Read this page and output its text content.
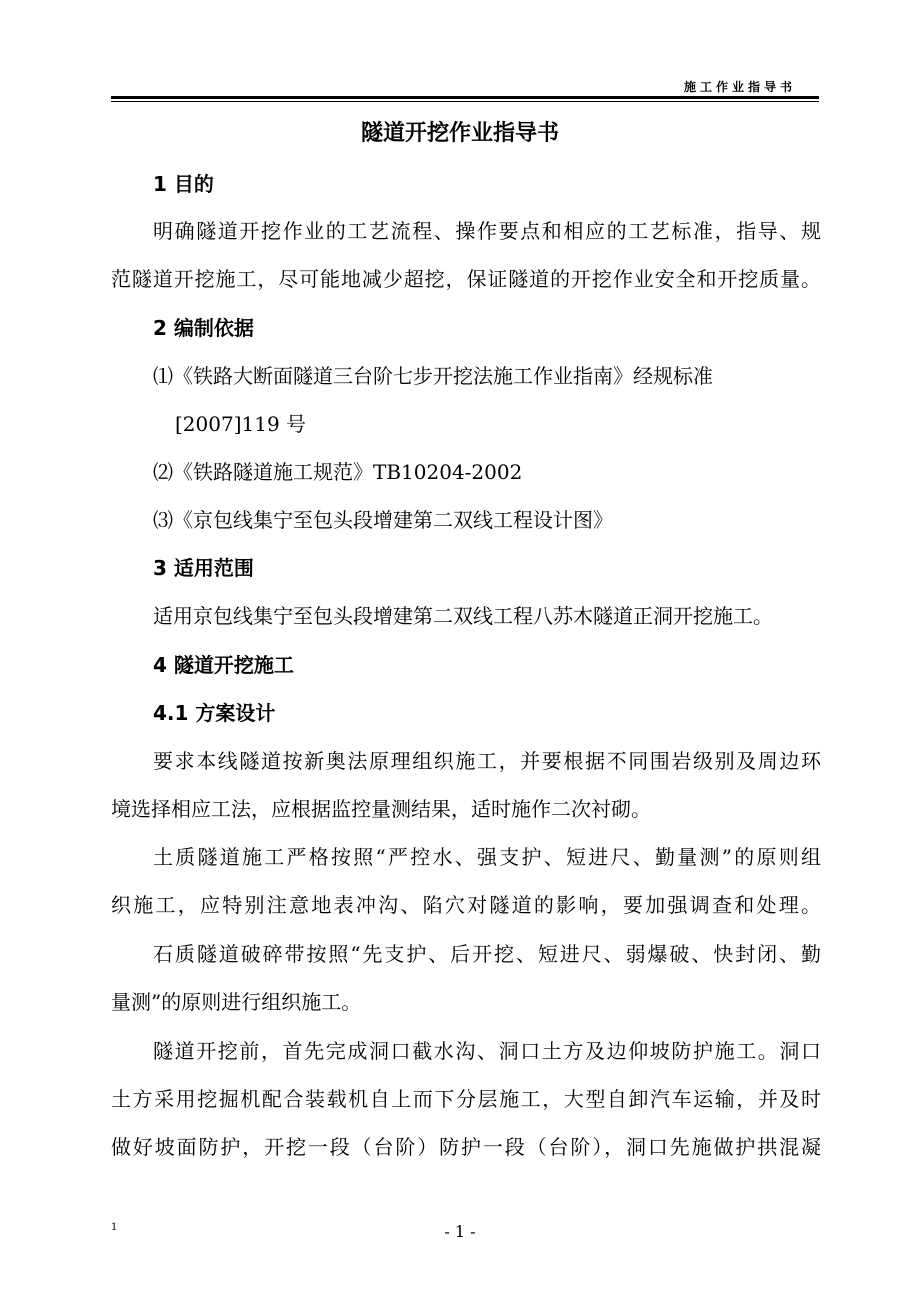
施工作业指导书
隧道开挖作业指导书
1 目的
明确隧道开挖作业的工艺流程、操作要点和相应的工艺标准，指导、规
范隧道开挖施工，尽可能地减少超挖，保证隧道的开挖作业安全和开挖质量。
2 编制依据
⑴《铁路大断面隧道三台阶七步开挖法施工作业指南》经规标准
[2007]119 号
⑵《铁路隧道施工规范》TB10204-2002
⑶《京包线集宁至包头段增建第二双线工程设计图》
3 适用范围
适用京包线集宁至包头段增建第二双线工程八苏木隧道正洞开挖施工。
4 隧道开挖施工
4.1 方案设计
要求本线隧道按新奥法原理组织施工，并要根据不同围岩级别及周边环
境选择相应工法，应根据监控量测结果，适时施作二次衬砌。
土质隧道施工严格按照“严控水、强支护、短进尺、勤量测”的原则组
织施工，应特别注意地表冲沟、陷穴对隧道的影响，要加强调查和处理。
石质隧道破碎带按照“先支护、后开挖、短进尺、弱爆破、快封闭、勤
量测”的原则进行组织施工。
隧道开挖前，首先完成洞口截水沟、洞口土方及边仰坡防护施工。洞口
土方采用挖掘机配合装载机自上而下分层施工，大型自卸汽车运输，并及时
做好坡面防护，开挖一段（台阶）防护一段（台阶），洞口先施做护拱混凝
1	- 1 -
